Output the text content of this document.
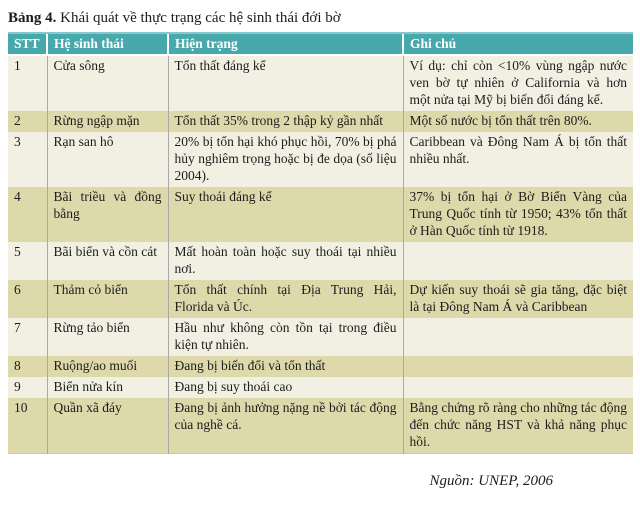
Bảng 4. Khái quát về thực trạng các hệ sinh thái đới bờ

STT	Hệ sinh thái	Hiện trạng	Ghi chú
1	Cửa sông	Tổn thất đáng kể	Ví dụ: chỉ còn <10% vùng ngập nước ven bờ tự nhiên ở California và hơn một nửa tại Mỹ bị biến đổi đáng kể.
2	Rừng ngập mặn	Tổn thất 35% trong 2 thập kỷ gần nhất	Một số nước bị tổn thất trên 80%.
3	Rạn san hô	20% bị tổn hại khó phục hồi, 70% bị phá hủy nghiêm trọng hoặc bị đe dọa (số liệu 2004).	Caribbean và Đông Nam Á bị tổn thất nhiều nhất.
4	Bãi triều và đồng bằng	Suy thoái đáng kể	37% bị tổn hại ở Bờ Biển Vàng của Trung Quốc tính từ 1950; 43% tổn thất ở Hàn Quốc tính từ 1918.
5	Bãi biển và cồn cát	Mất hoàn toàn hoặc suy thoái tại nhiều nơi.	
6	Thảm cỏ biển	Tổn thất chính tại Địa Trung Hải, Florida và Úc.	Dự kiến suy thoái sẽ gia tăng, đặc biệt là tại Đông Nam Á và Caribbean
7	Rừng tảo biển	Hầu như không còn tồn tại trong điều kiện tự nhiên.	
8	Ruộng/ao muối	Đang bị biến đổi và tổn thất	
9	Biển nửa kín	Đang bị suy thoái cao	
10	Quần xã đáy	Đang bị ảnh hưởng nặng nề bởi tác động của nghề cá.	Bằng chứng rõ ràng cho những tác động đến chức năng HST và khả năng phục hồi.

Nguồn: UNEP, 2006
